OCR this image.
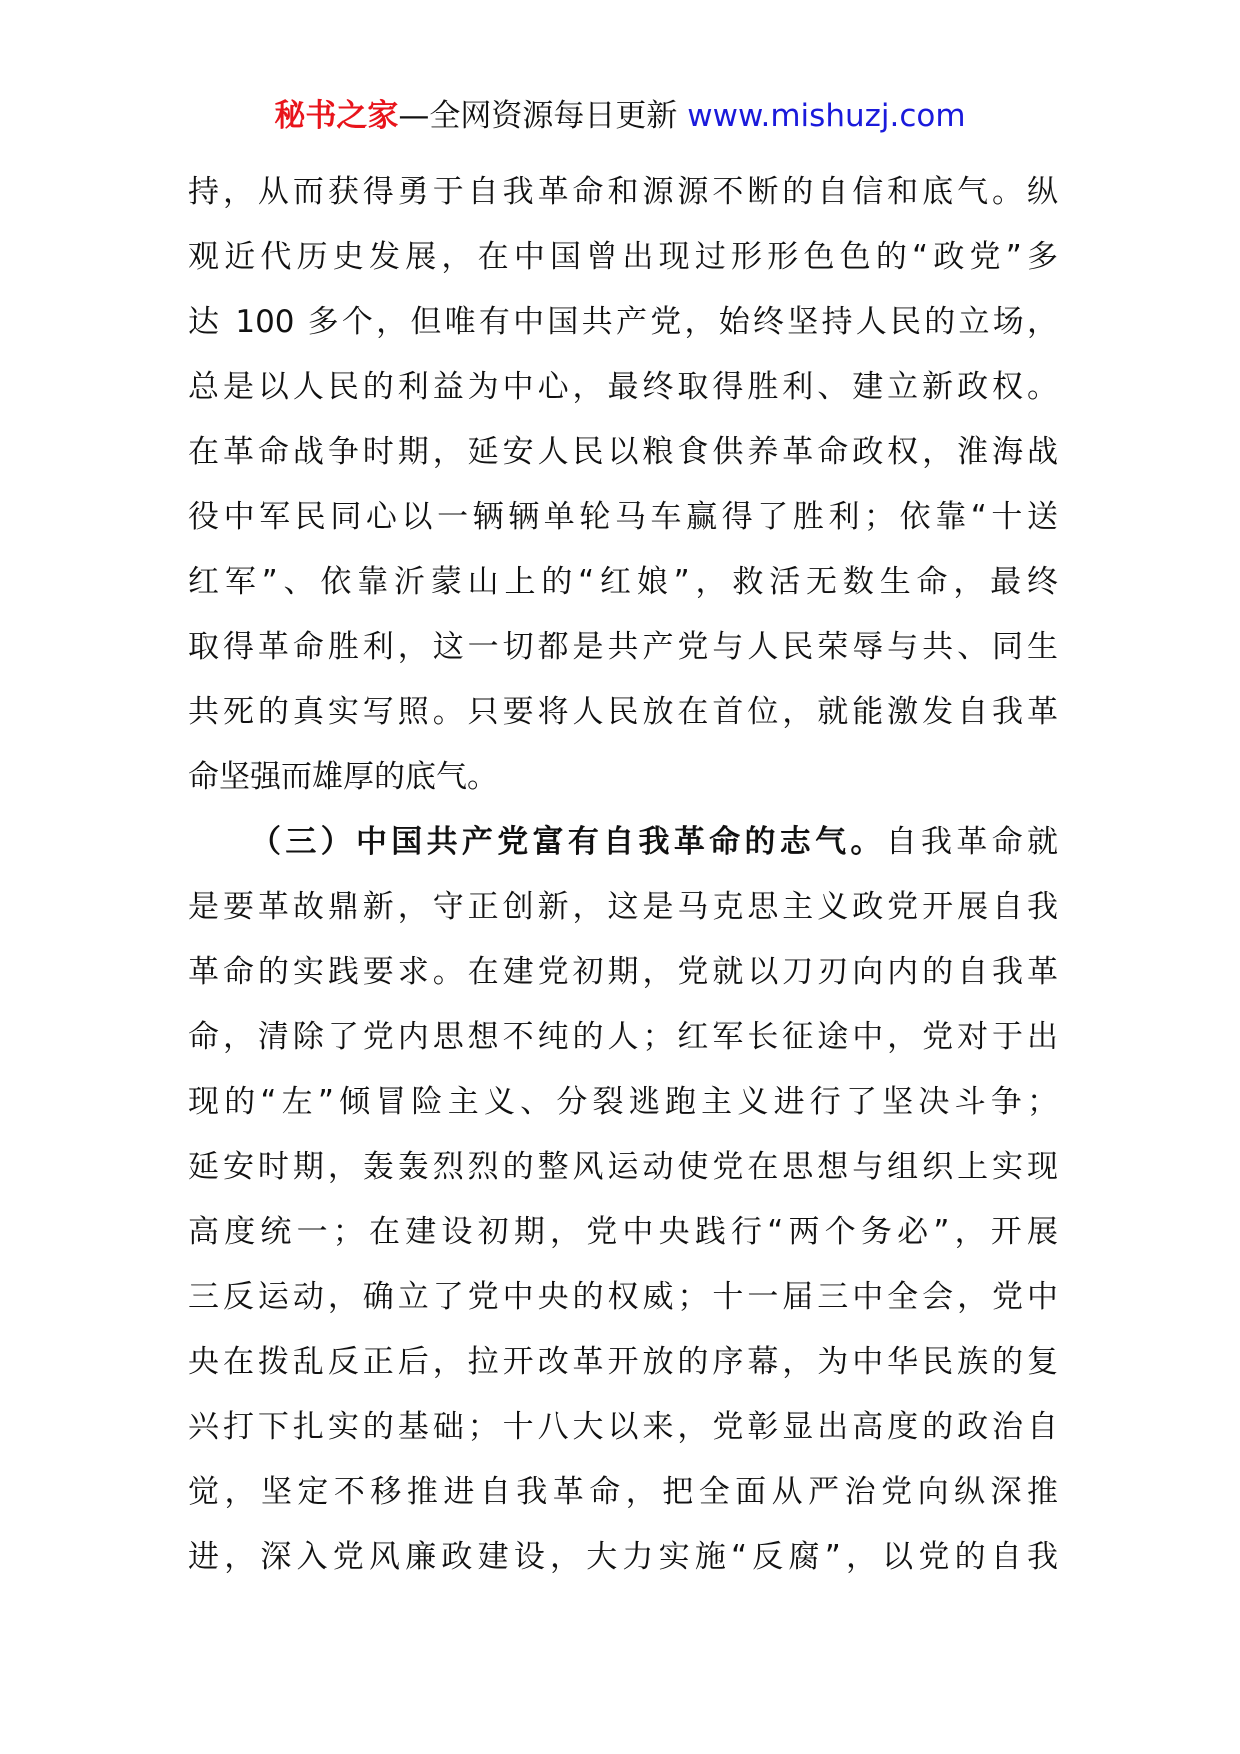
秘书之家—全网资源每日更新 www.mishuzj.com
持，从而获得勇于自我革命和源源不断的自信和底气。纵
观近代历史发展，在中国曾出现过形形色色的“政党”多
达 100 多个，但唯有中国共产党，始终坚持人民的立场，
总是以人民的利益为中心，最终取得胜利、建立新政权。
在革命战争时期，延安人民以粮食供养革命政权，淮海战
役中军民同心以一辆辆单轮马车赢得了胜利；依靠“十送
红军”、依靠沂蒙山上的“红娘”，救活无数生命，最终
取得革命胜利，这一切都是共产党与人民荣辱与共、同生
共死的真实写照。只要将人民放在首位，就能激发自我革
命坚强而雄厚的底气。
（三）中国共产党富有自我革命的志气。自我革命就
是要革故鼎新，守正创新，这是马克思主义政党开展自我
革命的实践要求。在建党初期，党就以刀刃向内的自我革
命，清除了党内思想不纯的人；红军长征途中，党对于出
现的“左”倾冒险主义、分裂逃跑主义进行了坚决斗争；
延安时期，轰轰烈烈的整风运动使党在思想与组织上实现
高度统一；在建设初期，党中央践行“两个务必”，开展
三反运动，确立了党中央的权威；十一届三中全会，党中
央在拨乱反正后，拉开改革开放的序幕，为中华民族的复
兴打下扎实的基础；十八大以来，党彰显出高度的政治自
觉，坚定不移推进自我革命，把全面从严治党向纵深推
进，深入党风廉政建设，大力实施“反腐”，以党的自我
